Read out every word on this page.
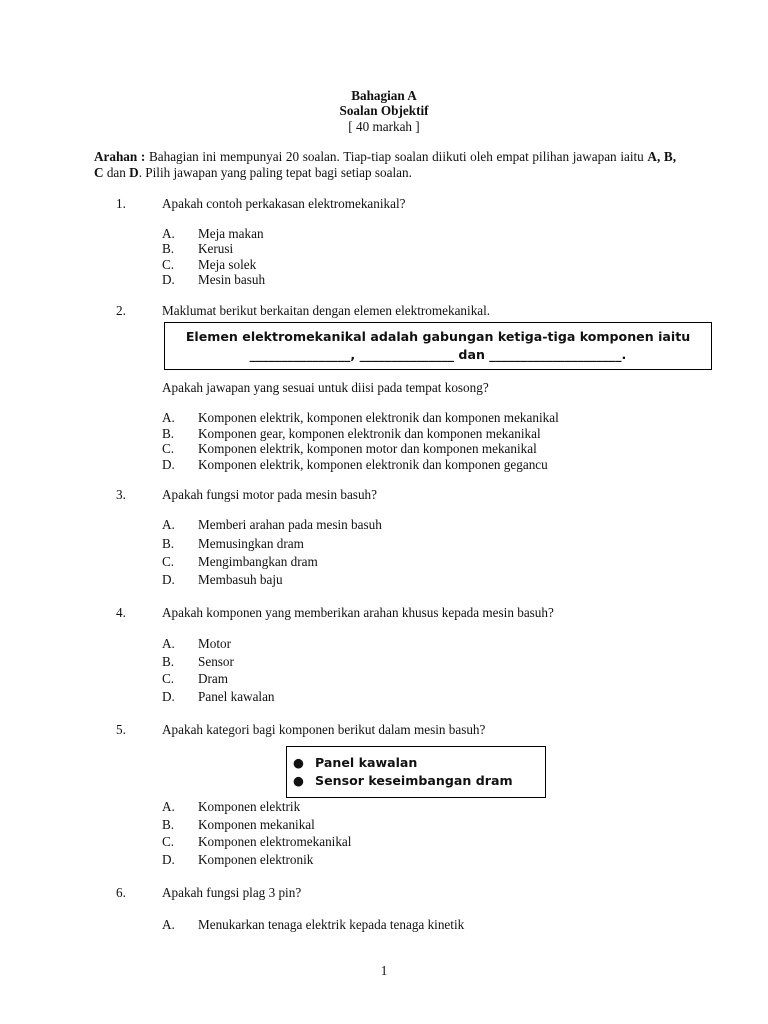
Bahagian A
Soalan Objektif
[ 40 markah ]
Arahan : Bahagian ini mempunyai 20 soalan. Tiap-tiap soalan diikuti oleh empat pilihan jawapan iaitu A, B, C dan D. Pilih jawapan yang paling tepat bagi setiap soalan.
1.	Apakah contoh perkakasan elektromekanikal?
A. Meja makan
B. Kerusi
C. Meja solek
D. Mesin basuh
2.	Maklumat berikut berkaitan dengan elemen elektromekanikal.
Elemen elektromekanikal adalah gabungan ketiga-tiga komponen iaitu
________________, _______________ dan _____________________.
Apakah jawapan yang sesuai untuk diisi pada tempat kosong?
A. Komponen elektrik, komponen elektronik dan komponen mekanikal
B. Komponen gear, komponen elektronik dan komponen mekanikal
C. Komponen elektrik, komponen motor dan komponen mekanikal
D. Komponen elektrik, komponen elektronik dan komponen gegancu
3.	Apakah fungsi motor pada mesin basuh?
A. Memberi arahan pada mesin basuh
B. Memusingkan dram
C. Mengimbangkan dram
D. Membasuh baju
4.	Apakah komponen yang memberikan arahan khusus kepada mesin basuh?
A. Motor
B. Sensor
C. Dram
D. Panel kawalan
5.	Apakah kategori bagi komponen berikut dalam mesin basuh?
● Panel kawalan
● Sensor keseimbangan dram
A. Komponen elektrik
B. Komponen mekanikal
C. Komponen elektromekanikal
D. Komponen elektronik
6.	Apakah fungsi plag 3 pin?
A. Menukarkan tenaga elektrik kepada tenaga kinetik
1
